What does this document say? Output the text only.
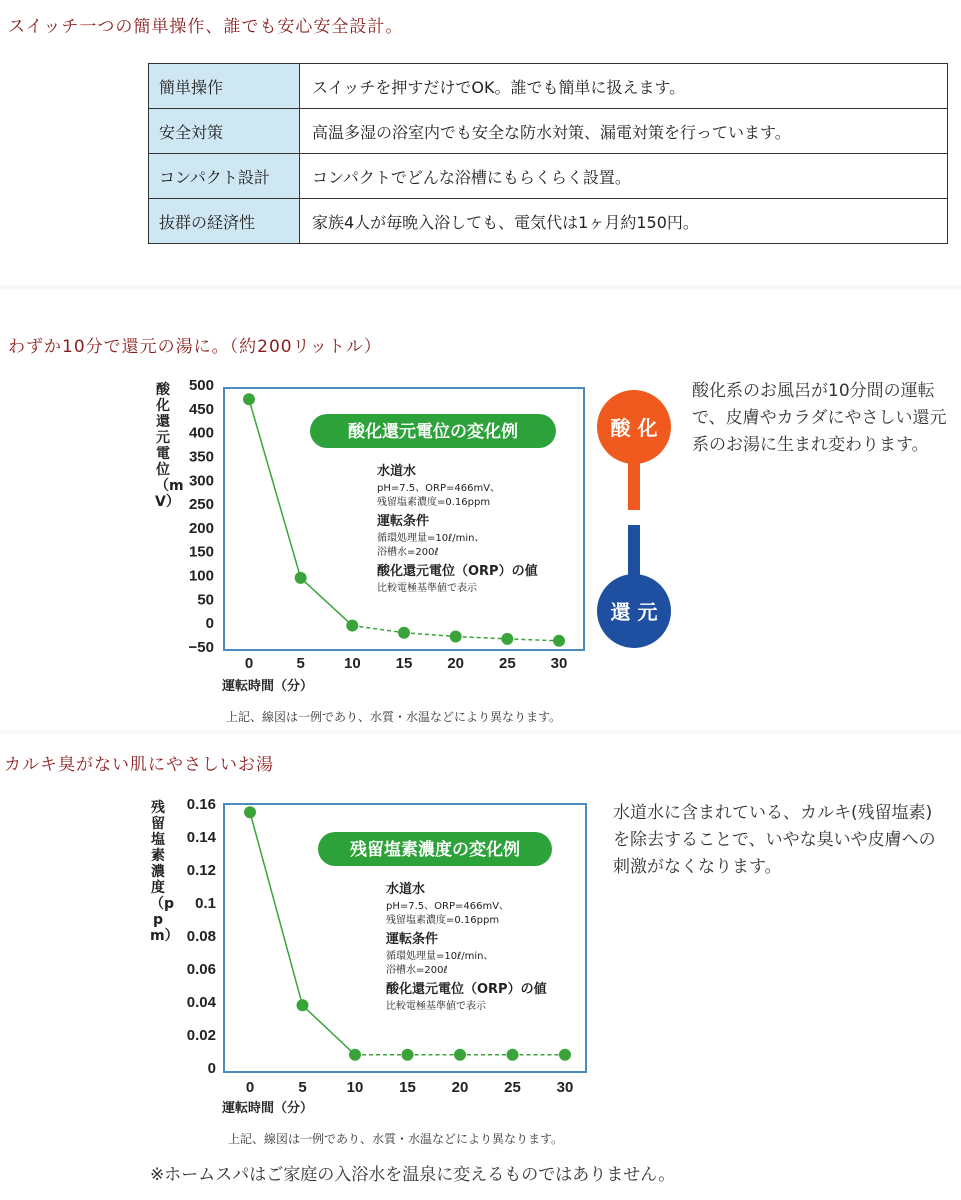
スイッチ一つの簡単操作、誰でも安心安全設計。
簡単操作	スイッチを押すだけでOK。誰でも簡単に扱えます。
安全対策	高温多湿の浴室内でも安全な防水対策、漏電対策を行っています。
コンパクト設計	コンパクトでどんな浴槽にもらくらく設置。
抜群の経済性	家族4人が毎晩入浴しても、電気代は1ヶ月約150円。
わずか10分で還元の湯に。（約200リットル）
酸化還元電位（mV）
500
450
400
350
300
250
200
150
100
50
0
−50
0	5	10 15 20 25 30
酸化還元電位の変化例
水道水
pH=7.5、ORP=466mV、
残留塩素濃度=0.16ppm
運転条件
循環処理量=10ℓ/min、
浴槽水=200ℓ
酸化還元電位（ORP）の値
比較電極基準値で表示
運転時間（分）
酸 化
還 元
酸化系のお風呂が10分間の運転で、皮膚やカラダにやさしい還元系のお湯に生まれ変わります。
上記、線図は一例であり、水質・水温などにより異なります。
カルキ臭がない肌にやさしいお湯
残留塩素濃度（ppm）
0.16
0.14
0.12
0.1
0.08
0.06
0.04
0.02
0
0	5	10 15 20 25 30
残留塩素濃度の変化例
水道水
pH=7.5、ORP=466mV、
残留塩素濃度=0.16ppm
運転条件
循環処理量=10ℓ/min、
浴槽水=200ℓ
酸化還元電位（ORP）の値
比較電極基準値で表示
運転時間（分）
水道水に含まれている、カルキ(残留塩素)を除去することで、いやな臭いや皮膚への刺激がなくなります。
上記、線図は一例であり、水質・水温などにより異なります。
※ホームスパはご家庭の入浴水を温泉に変えるものではありません。
